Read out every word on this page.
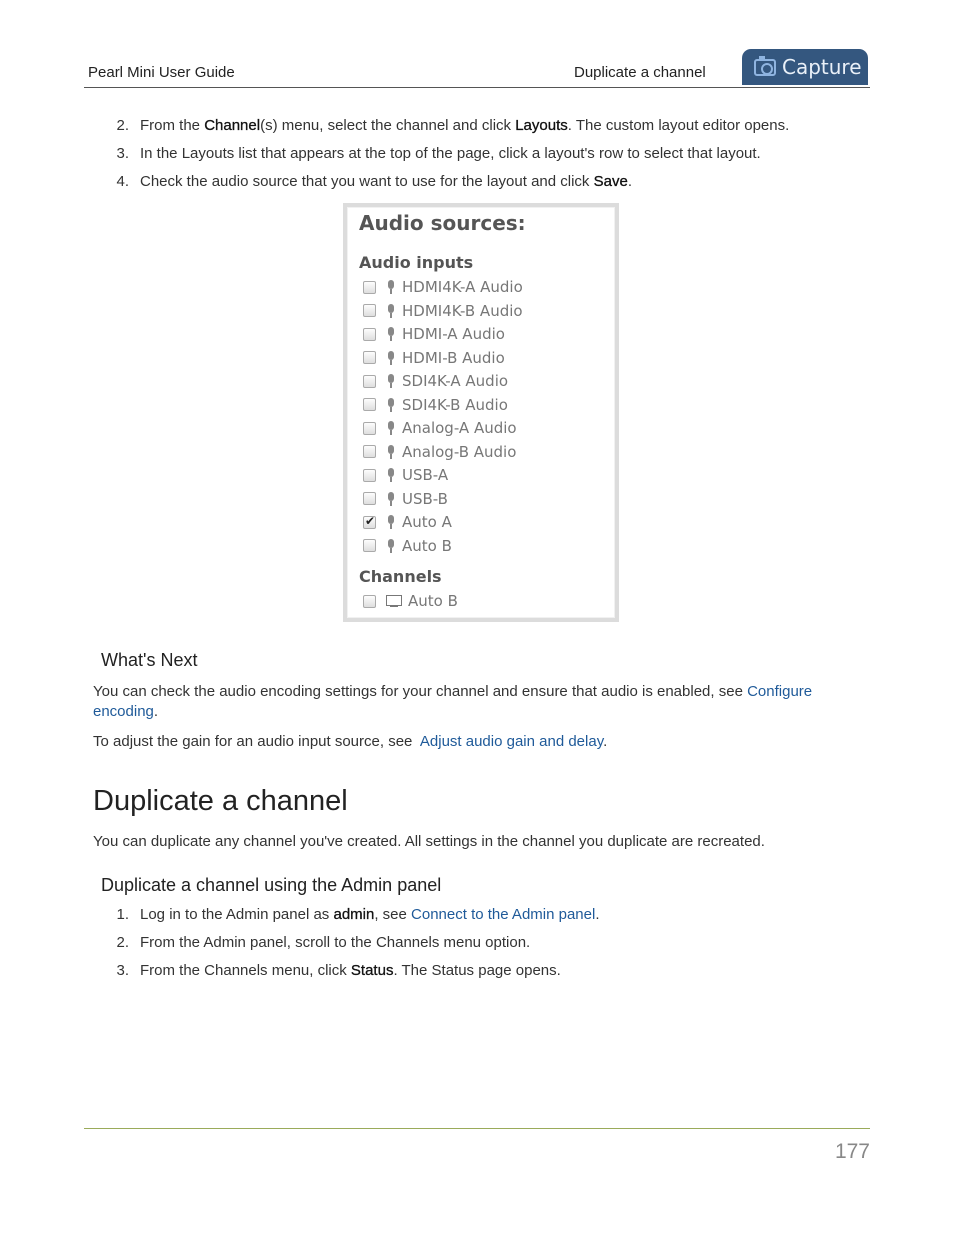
Pearl Mini User Guide	Duplicate a channel	Capture
2. From the Channel(s) menu, select the channel and click Layouts. The custom layout editor opens.
3. In the Layouts list that appears at the top of the page, click a layout's row to select that layout.
4. Check the audio source that you want to use for the layout and click Save.
Audio sources:
Audio inputs
HDMI4K-A Audio
HDMI4K-B Audio
HDMI-A Audio
HDMI-B Audio
SDI4K-A Audio
SDI4K-B Audio
Analog-A Audio
Analog-B Audio
USB-A
USB-B
✔
Auto A
Auto B
Channels
Auto B
What's Next
You can check the audio encoding settings for your channel and ensure that audio is enabled, see Configure
encoding.
To adjust the gain for an audio input source, see  Adjust audio gain and delay.
Duplicate a channel
You can duplicate any channel you've created. All settings in the channel you duplicate are recreated.
Duplicate a channel using the Admin panel
1. Log in to the Admin panel as admin, see Connect to the Admin panel.
2. From the Admin panel, scroll to the Channels menu option.
3. From the Channels menu, click Status. The Status page opens.
177
